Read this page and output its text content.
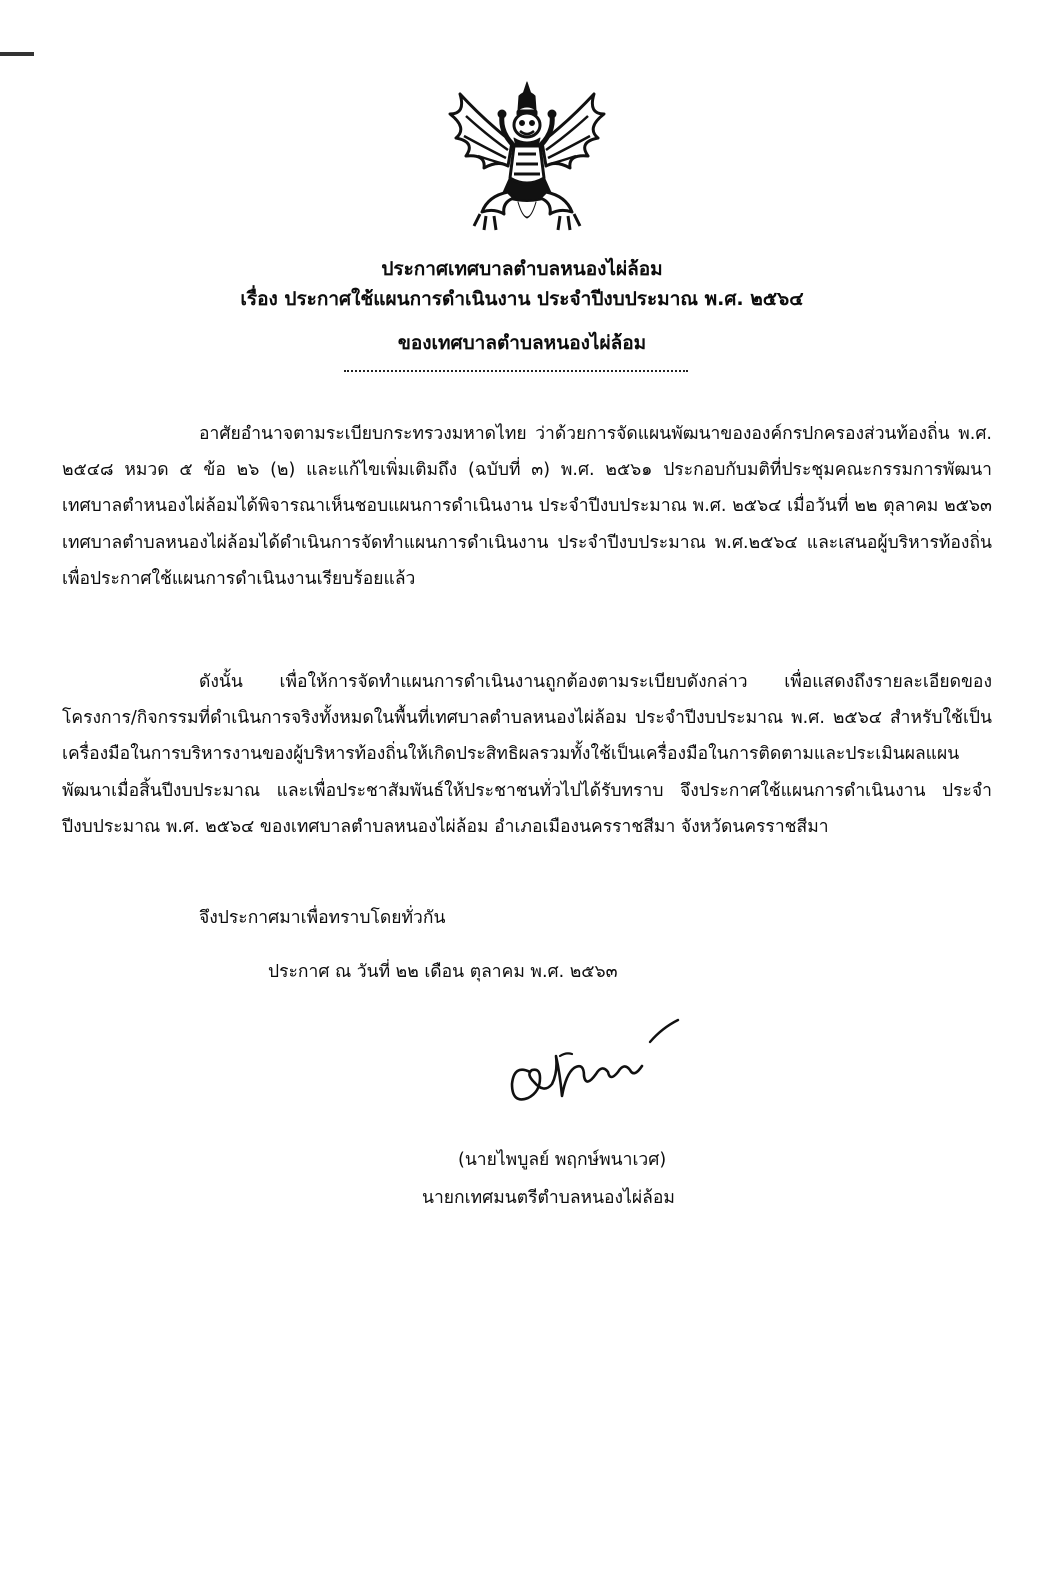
ประกาศเทศบาลตำบลหนองไผ่ล้อม
เรื่อง ประกาศใช้แผนการดำเนินงาน ประจำปีงบประมาณ พ.ศ. ๒๕๖๔
ของเทศบาลตำบลหนองไผ่ล้อม
อาศัยอำนาจตามระเบียบกระทรวงมหาดไทย ว่าด้วยการจัดแผนพัฒนาขององค์กรปกครองส่วนท้องถิ่น พ.ศ. ๒๕๔๘ หมวด ๕ ข้อ ๒๖ (๒) และแก้ไขเพิ่มเติมถึง (ฉบับที่ ๓) พ.ศ. ๒๕๖๑ ประกอบกับมติที่ประชุมคณะกรรมการพัฒนาเทศบาลตำหนองไผ่ล้อมได้พิจารณาเห็นชอบแผนการดำเนินงาน ประจำปีงบประมาณ พ.ศ. ๒๕๖๔ เมื่อวันที่ ๒๒ ตุลาคม ๒๕๖๓ เทศบาลตำบลหนองไผ่ล้อมได้ดำเนินการจัดทำแผนการดำเนินงาน ประจำปีงบประมาณ พ.ศ.๒๕๖๔ และเสนอผู้บริหารท้องถิ่นเพื่อประกาศใช้แผนการดำเนินงานเรียบร้อยแล้ว
ดังนั้น เพื่อให้การจัดทำแผนการดำเนินงานถูกต้องตามระเบียบดังกล่าว เพื่อแสดงถึงรายละเอียดของโครงการ/กิจกรรมที่ดำเนินการจริงทั้งหมดในพื้นที่เทศบาลตำบลหนองไผ่ล้อม ประจำปีงบประมาณ พ.ศ. ๒๕๖๔ สำหรับใช้เป็นเครื่องมือในการบริหารงานของผู้บริหารท้องถิ่นให้เกิดประสิทธิผลรวมทั้งใช้เป็นเครื่องมือในการติดตามและประเมินผลแผนพัฒนาเมื่อสิ้นปีงบประมาณ และเพื่อประชาสัมพันธ์ให้ประชาชนทั่วไปได้รับทราบ จึงประกาศใช้แผนการดำเนินงาน ประจำปีงบประมาณ พ.ศ. ๒๕๖๔ ของเทศบาลตำบลหนองไผ่ล้อม อำเภอเมืองนครราชสีมา จังหวัดนครราชสีมา
จึงประกาศมาเพื่อทราบโดยทั่วกัน
ประกาศ ณ วันที่ ๒๒ เดือน ตุลาคม พ.ศ. ๒๕๖๓
(นายไพบูลย์ พฤกษ์พนาเวศ)
นายกเทศมนตรีตำบลหนองไผ่ล้อม
